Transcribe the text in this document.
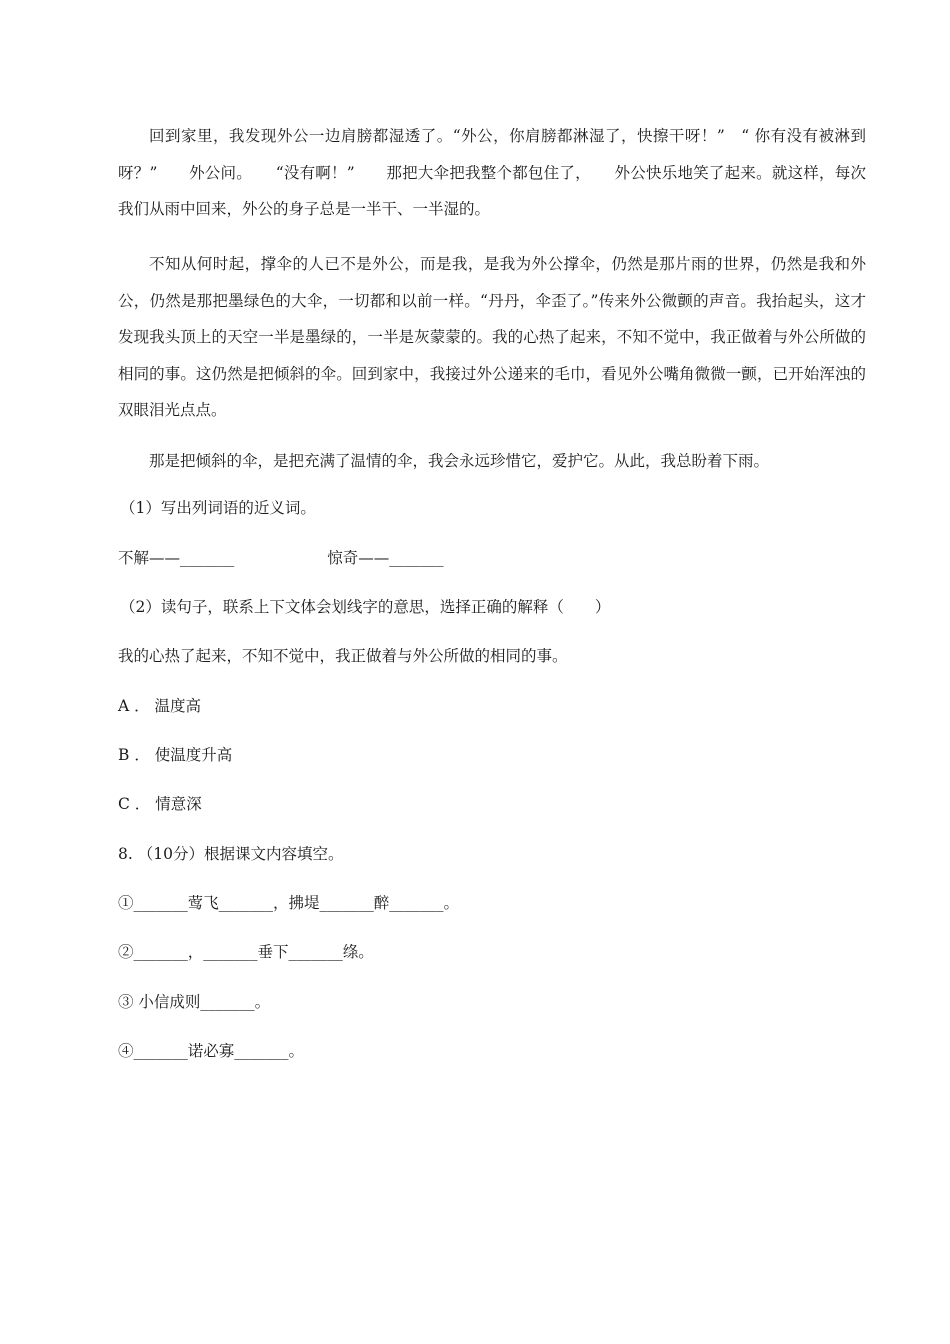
回到家里，我发现外公一边肩膀都湿透了。“外公，你肩膀都淋湿了，快擦干呀！”　“ 你有没有被淋到呀？”　　外公问。　　“没有啊！”　　那把大伞把我整个都包住了，　　外公快乐地笑了起来。就这样，每次我们从雨中回来，外公的身子总是一半干、一半湿的。

不知从何时起，撑伞的人已不是外公，而是我，是我为外公撑伞，仍然是那片雨的世界，仍然是我和外公，仍然是那把墨绿色的大伞，一切都和以前一样。“丹丹，伞歪了。”传来外公微颤的声音。我抬起头，这才发现我头顶上的天空一半是墨绿的，一半是灰蒙蒙的。我的心热了起来，不知不觉中，我正做着与外公所做的相同的事。这仍然是把倾斜的伞。回到家中，我接过外公递来的毛巾，看见外公嘴角微微一颤，已开始浑浊的双眼泪光点点。

那是把倾斜的伞，是把充满了温情的伞，我会永远珍惜它，爱护它。从此，我总盼着下雨。

（1）写出列词语的近义词。

不解——_______　　　　　　惊奇——_______

（2）读句子，联系上下文体会划线字的意思，选择正确的解释（　　）

我的心热了起来，不知不觉中，我正做着与外公所做的相同的事。

A ． 温度高

B ． 使温度升高

C ． 情意深

8. （10分）根据课文内容填空。

①_______莺飞_______，拂堤_______醉_______。

②_______，_______垂下_______绦。

③ 小信成则_______。

④_______诺必寡_______。
